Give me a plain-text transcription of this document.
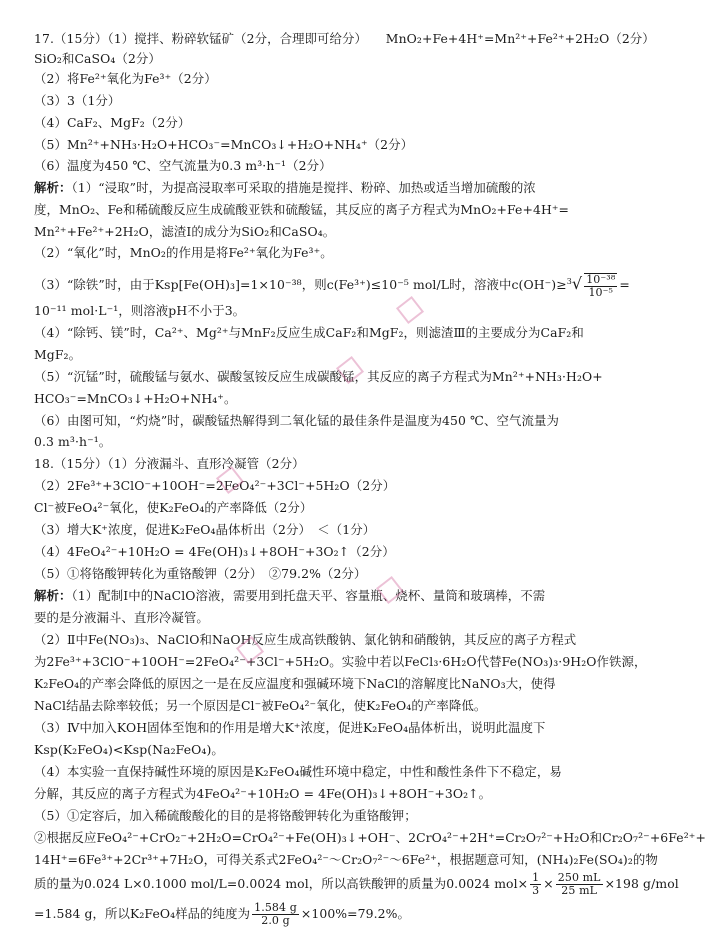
17.（15分）（1）搅拌、粉碎软锰矿（2分，合理即可给分）　　MnO₂+Fe+4H⁺=Mn²⁺+Fe²⁺+2H₂O（2分）
SiO₂和CaSO₄（2分）
（2）将Fe²⁺氧化为Fe³⁺（2分）
（3）3（1分）
（4）CaF₂、MgF₂（2分）
（5）Mn²⁺+NH₃·H₂O+HCO₃⁻=MnCO₃↓+H₂O+NH₄⁺（2分）
（6）温度为450 ℃、空气流量为0.3 m³·h⁻¹（2分）
解析：（1）“浸取”时，为提高浸取率可采取的措施是搅拌、粉碎、加热或适当增加硫酸的浓
度，MnO₂、Fe和稀硫酸反应生成硫酸亚铁和硫酸锰，其反应的离子方程式为MnO₂+Fe+4H⁺=
Mn²⁺+Fe²⁺+2H₂O，滤渣Ⅰ的成分为SiO₂和CaSO₄。
（2）“氧化”时，MnO₂的作用是将Fe²⁺氧化为Fe³⁺。
（3）“除铁”时，由于Ksp[Fe(OH)₃]=1×10⁻³⁸，则c(Fe³⁺)≤10⁻⁵ mol/L时，溶液中$c(OH^-)\ge^3√ \frac{\text{10⁻³⁸}}{\text{10⁻⁵}}$ =
10⁻¹¹ mol·L⁻¹，则溶液pH不小于3。
（4）“除钙、镁”时，Ca²⁺、Mg²⁺与MnF₂反应生成CaF₂和MgF₂，则滤渣Ⅲ的主要成分为CaF₂和
MgF₂。
（5）“沉锰”时，硫酸锰与氨水、碳酸氢铵反应生成碳酸锰，其反应的离子方程式为Mn²⁺+NH₃·H₂O+
HCO₃⁻=MnCO₃↓+H₂O+NH₄⁺。
（6）由图可知，“灼烧”时，碳酸锰热解得到二氧化锰的最佳条件是温度为450 ℃、空气流量为
0.3 m³·h⁻¹。
18.（15分）（1）分液漏斗、直形冷凝管（2分）
（2）2Fe³⁺+3ClO⁻+10OH⁻=2FeO₄²⁻+3Cl⁻+5H₂O（2分）
Cl⁻被FeO₄²⁻氧化，使K₂FeO₄的产率降低（2分）
（3）增大K⁺浓度，促进K₂FeO₄晶体析出（2分）　＜（1分）
（4）4FeO₄²⁻+10H₂O = 4Fe(OH)₃↓+8OH⁻+3O₂↑（2分）
（5）①将铬酸钾转化为重铬酸钾（2分）　②79.2%（2分）
解析：（1）配制Ⅰ中的NaClO溶液，需要用到托盘天平、容量瓶、烧杯、量筒和玻璃棒，不需
要的是分液漏斗、直形冷凝管。
（2）Ⅱ中Fe(NO₃)₃、NaClO和NaOH反应生成高铁酸钠、氯化钠和硝酸钠，其反应的离子方程式
为2Fe³⁺+3ClO⁻+10OH⁻=2FeO₄²⁻+3Cl⁻+5H₂O。实验中若以FeCl₃·6H₂O代替Fe(NO₃)₃·9H₂O作铁源，
K₂FeO₄的产率会降低的原因之一是在反应温度和强碱环境下NaCl的溶解度比NaNO₃大，使得
NaCl结晶去除率较低；另一个原因是Cl⁻被FeO₄²⁻氧化，使K₂FeO₄的产率降低。
（3）Ⅳ中加入KOH固体至饱和的作用是增大K⁺浓度，促进K₂FeO₄晶体析出，说明此温度下
Ksp(K₂FeO₄)<Ksp(Na₂FeO₄)。
（4）本实验一直保持碱性环境的原因是K₂FeO₄碱性环境中稳定，中性和酸性条件下不稳定，易
分解，其反应的离子方程式为4FeO₄²⁻+10H₂O = 4Fe(OH)₃↓+8OH⁻+3O₂↑。
（5）①定容后，加入稀硫酸酸化的目的是将铬酸钾转化为重铬酸钾；
②根据反应FeO₄²⁻+CrO₂⁻+2H₂O=CrO₄²⁻+Fe(OH)₃↓+OH⁻、2CrO₄²⁻+2H⁺=Cr₂O₇²⁻+H₂O和Cr₂O₇²⁻+6Fe²⁺+
14H⁺=6Fe³⁺+2Cr³⁺+7H₂O，可得关系式2FeO₄²⁻～Cr₂O₇²⁻～6Fe²⁺，根据题意可知，(NH₄)₂Fe(SO₄)₂的物
质的量为0.024 L×0.1000 mol/L=0.0024 mol，所以高铁酸钾的质量为0.0024 $mol\times \frac{1}{3} \times \frac{250 mL}{25 mL} \times 198$ g/mol
=1.584 g，所以K₂FeO₄样品的纯度为 $\frac{1.584 g}{2.0 g} \times 100\%=79.2\%$。
